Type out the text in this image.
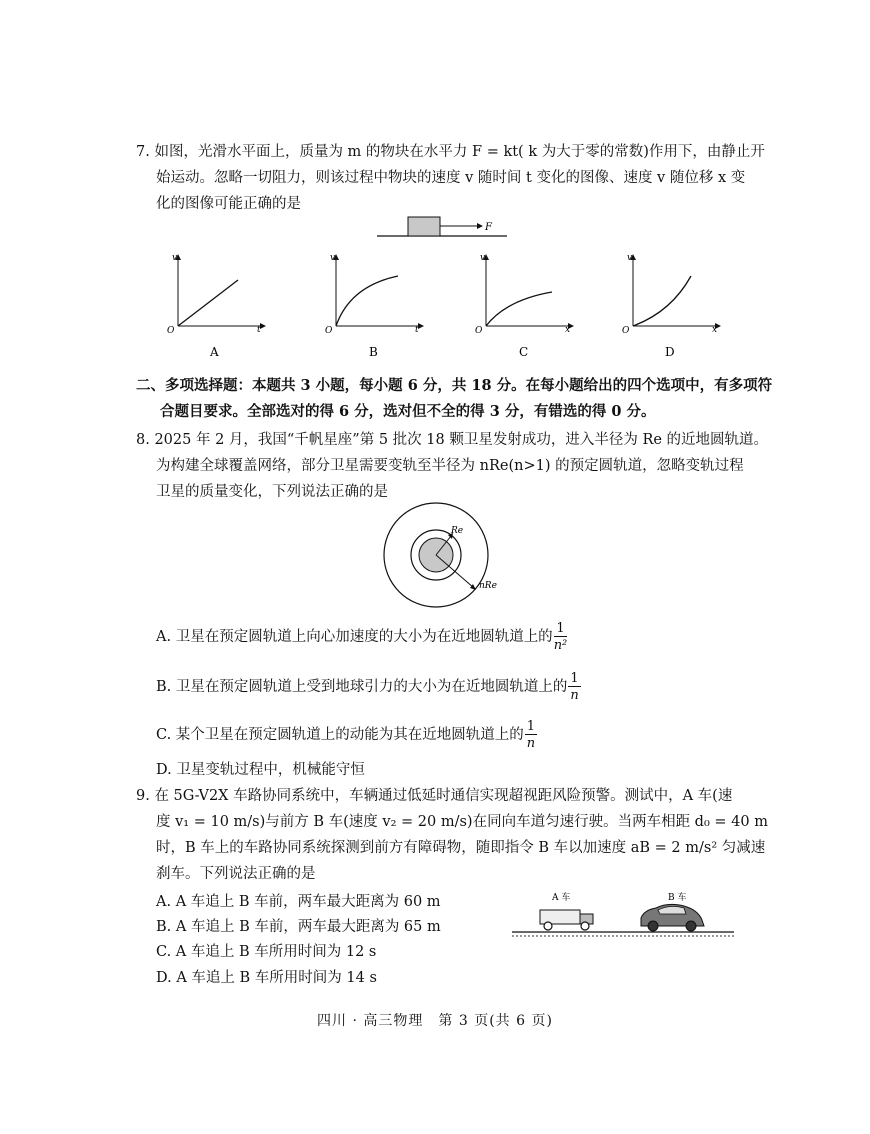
7. 如图，光滑水平面上，质量为 m 的物块在水平力 F = kt( k 为大于零的常数)作用下，由静止开
始运动。忽略一切阻力，则该过程中物块的速度 v 随时间 t 变化的图像、速度 v 随位移 x 变
化的图像可能正确的是
F
v
t
O
A
v
t
O
B
v
x
O
C
v
x
O
D
二、多项选择题：本题共 3 小题，每小题 6 分，共 18 分。在每小题给出的四个选项中，有多项符
合题目要求。全部选对的得 6 分，选对但不全的得 3 分，有错选的得 0 分。
8. 2025 年 2 月，我国“千帆星座”第 5 批次 18 颗卫星发射成功，进入半径为 Re 的近地圆轨道。
为构建全球覆盖网络，部分卫星需要变轨至半径为 nRe(n>1) 的预定圆轨道，忽略变轨过程
卫星的质量变化，下列说法正确的是
Re
nRe
A. 卫星在预定圆轨道上向心加速度的大小为在近地圆轨道上的 $\frac{1}{\text{n²}}$
B. 卫星在预定圆轨道上受到地球引力的大小为在近地圆轨道上的 $\frac{1}{n}$
C. 某个卫星在预定圆轨道上的动能为其在近地圆轨道上的 $\frac{1}{n}$
D. 卫星变轨过程中，机械能守恒
9. 在 5G-V2X 车路协同系统中，车辆通过低延时通信实现超视距风险预警。测试中，A 车(速
度 v₁ = 10 m/s)与前方 B 车(速度 v₂ = 20 m/s)在同向车道匀速行驶。当两车相距 d₀ = 40 m
时，B 车上的车路协同系统探测到前方有障碍物，随即指令 B 车以加速度 aB = 2 m/s² 匀减速
刹车。下列说法正确的是
A. A 车追上 B 车前，两车最大距离为 60 m
B. A 车追上 B 车前，两车最大距离为 65 m
C. A 车追上 B 车所用时间为 12 s
D. A 车追上 B 车所用时间为 14 s
A 车	B 车
四川 · 高三物理　第 3 页(共 6 页)
